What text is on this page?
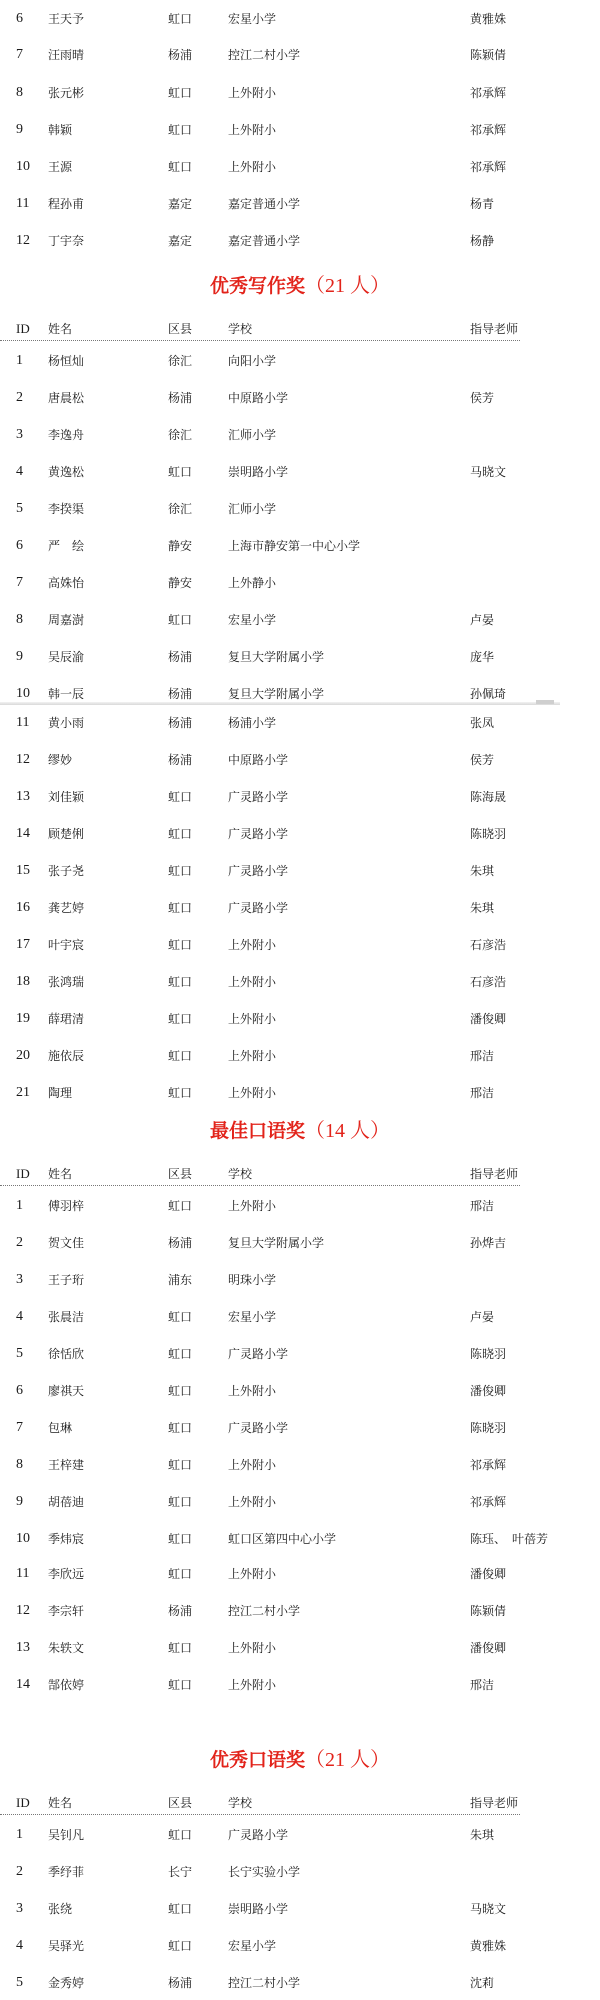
6 王天予	虹口	宏星小学	黄雅姝
7 汪雨晴	杨浦	控江二村小学	陈颖倩
8 张元彬	虹口	上外附小	祁承辉
9 韩颖	虹口	上外附小	祁承辉
10 王源	虹口	上外附小	祁承辉
11 程孙甫	嘉定	嘉定普通小学	杨青
12 丁宇奈	嘉定	嘉定普通小学	杨静
优秀写作奖（21 人）
ID 姓名	区县	学校	指导老师
1 杨恒灿	徐汇	向阳小学
2 唐晨松	杨浦	中原路小学	侯芳
3 李逸舟	徐汇	汇师小学
4 黄逸松	虹口	崇明路小学	马晓文
5 李揆渠	徐汇	汇师小学
6 严　绘	静安	上海市静安第一中心小学
7 高姝怡	静安	上外静小
8 周嘉澍	虹口	宏星小学	卢晏
9 吴辰渝	杨浦	复旦大学附属小学	庞华
10 韩一辰	杨浦	复旦大学附属小学	孙佩琦
11 黄小雨	杨浦	杨浦小学	张凤
12 缪妙	杨浦	中原路小学	侯芳
13 刘佳颖	虹口	广灵路小学	陈海晟
14 顾楚俐	虹口	广灵路小学	陈晓羽
15 张子尧	虹口	广灵路小学	朱琪
16 龚艺婷	虹口	广灵路小学	朱琪
17 叶宇宸	虹口	上外附小	石彦浩
18 张鸿瑞	虹口	上外附小	石彦浩
19 薛珺清	虹口	上外附小	潘俊卿
20 施依辰	虹口	上外附小	邢洁
21 陶理	虹口	上外附小	邢洁
最佳口语奖（14 人）
ID 姓名	区县	学校	指导老师
1 傅羽梓	虹口	上外附小	邢洁
2 贺文佳	杨浦	复旦大学附属小学	孙烨吉
3 王子珩	浦东	明珠小学
4 张晨洁	虹口	宏星小学	卢晏
5 徐恬欣	虹口	广灵路小学	陈晓羽
6 廖祺天	虹口	上外附小	潘俊卿
7 包琳	虹口	广灵路小学	陈晓羽
8 王梓建	虹口	上外附小	祁承辉
9 胡蓓迪	虹口	上外附小	祁承辉
10 季炜宸	虹口	虹口区第四中心小学	陈珏、　叶蓓芳
11 李欣远	虹口	上外附小	潘俊卿
12 李宗轩	杨浦	控江二村小学	陈颖倩
13 朱轶文	虹口	上外附小	潘俊卿
14 郜依婷	虹口	上外附小	邢洁
优秀口语奖（21 人）
ID 姓名	区县	学校	指导老师
1 吴钊凡	虹口	广灵路小学	朱琪
2 季纾菲	长宁	长宁实验小学
3 张绕	虹口	崇明路小学	马晓文
4 吴驿光	虹口	宏星小学	黄雅姝
5 金秀婷	杨浦	控江二村小学	沈莉
